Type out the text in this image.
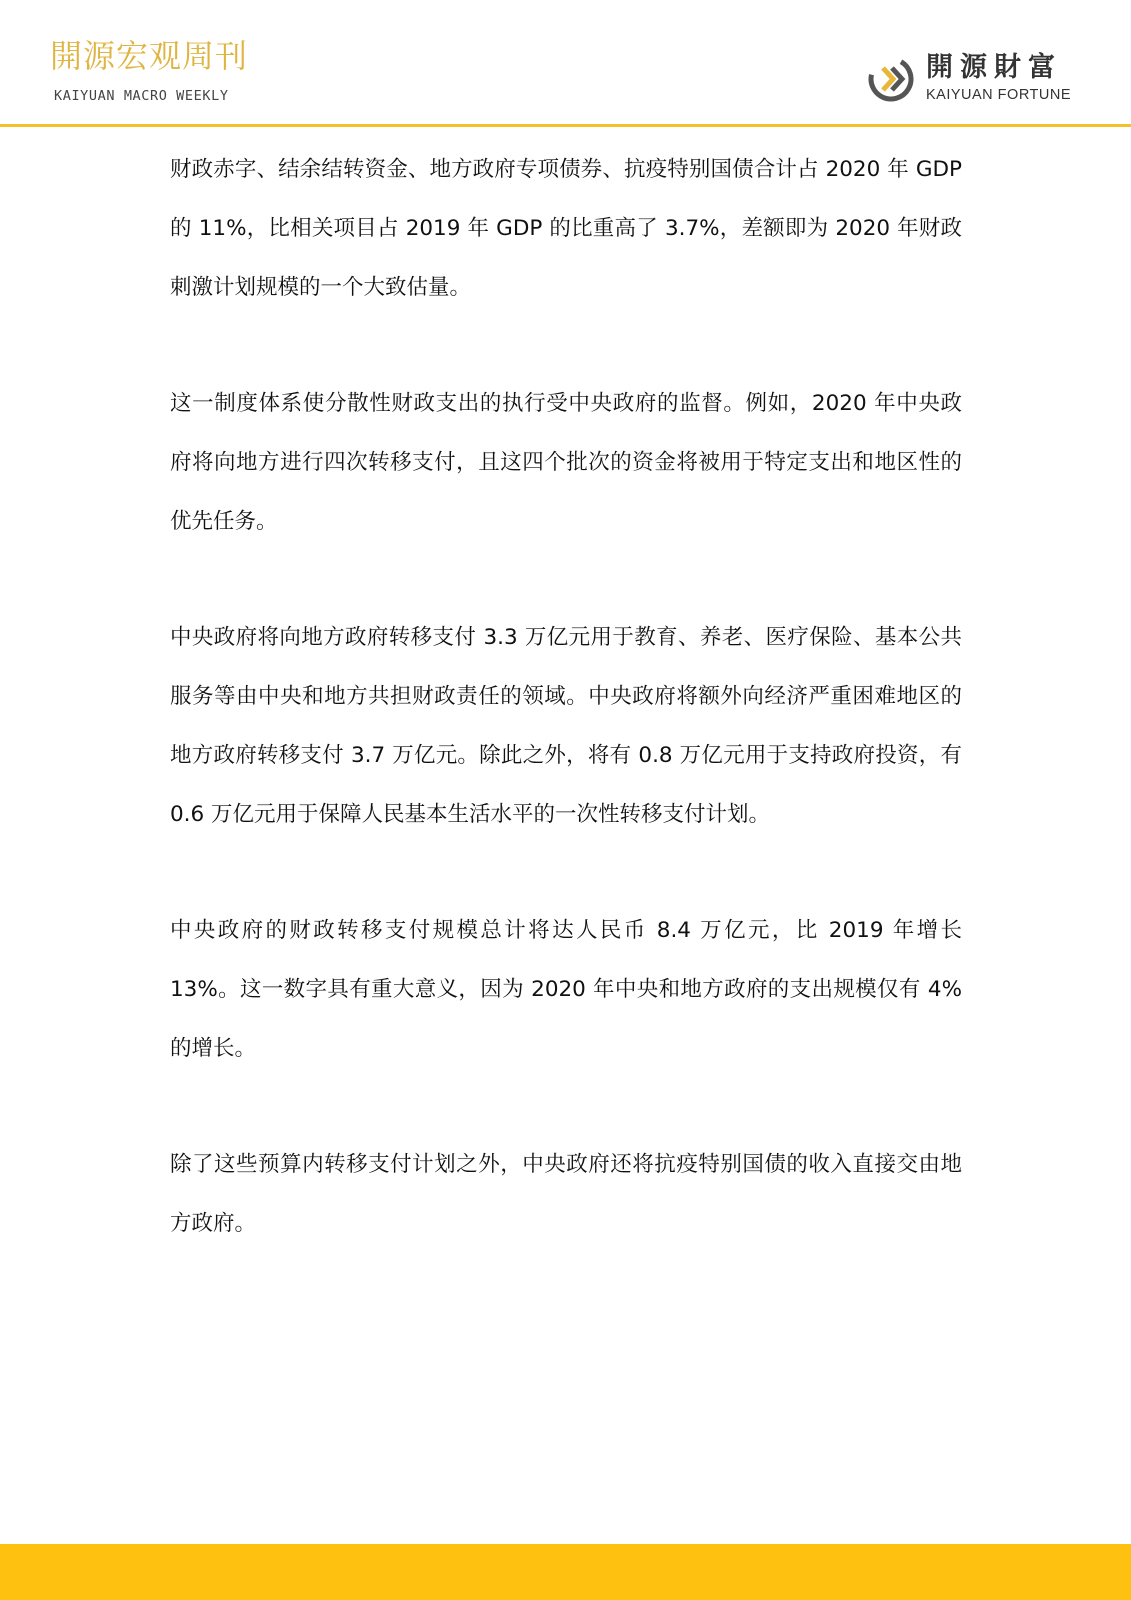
開源宏观周刊
KAIYUAN MACRO WEEKLY
開源財富
KAIYUAN FORTUNE

财政赤字、结余结转资金、地方政府专项债券、抗疫特别国债合计占 2020 年 GDP 的 11%，比相关项目占 2019 年 GDP 的比重高了 3.7%，差额即为 2020 年财政刺激计划规模的一个大致估量。

这一制度体系使分散性财政支出的执行受中央政府的监督。例如，2020 年中央政府将向地方进行四次转移支付，且这四个批次的资金将被用于特定支出和地区性的优先任务。

中央政府将向地方政府转移支付 3.3 万亿元用于教育、养老、医疗保险、基本公共服务等由中央和地方共担财政责任的领域。中央政府将额外向经济严重困难地区的地方政府转移支付 3.7 万亿元。除此之外，将有 0.8 万亿元用于支持政府投资，有 0.6 万亿元用于保障人民基本生活水平的一次性转移支付计划。

中央政府的财政转移支付规模总计将达人民币 8.4 万亿元，比 2019 年增长 13%。这一数字具有重大意义，因为 2020 年中央和地方政府的支出规模仅有 4%的增长。

除了这些预算内转移支付计划之外，中央政府还将抗疫特别国债的收入直接交由地方政府。
